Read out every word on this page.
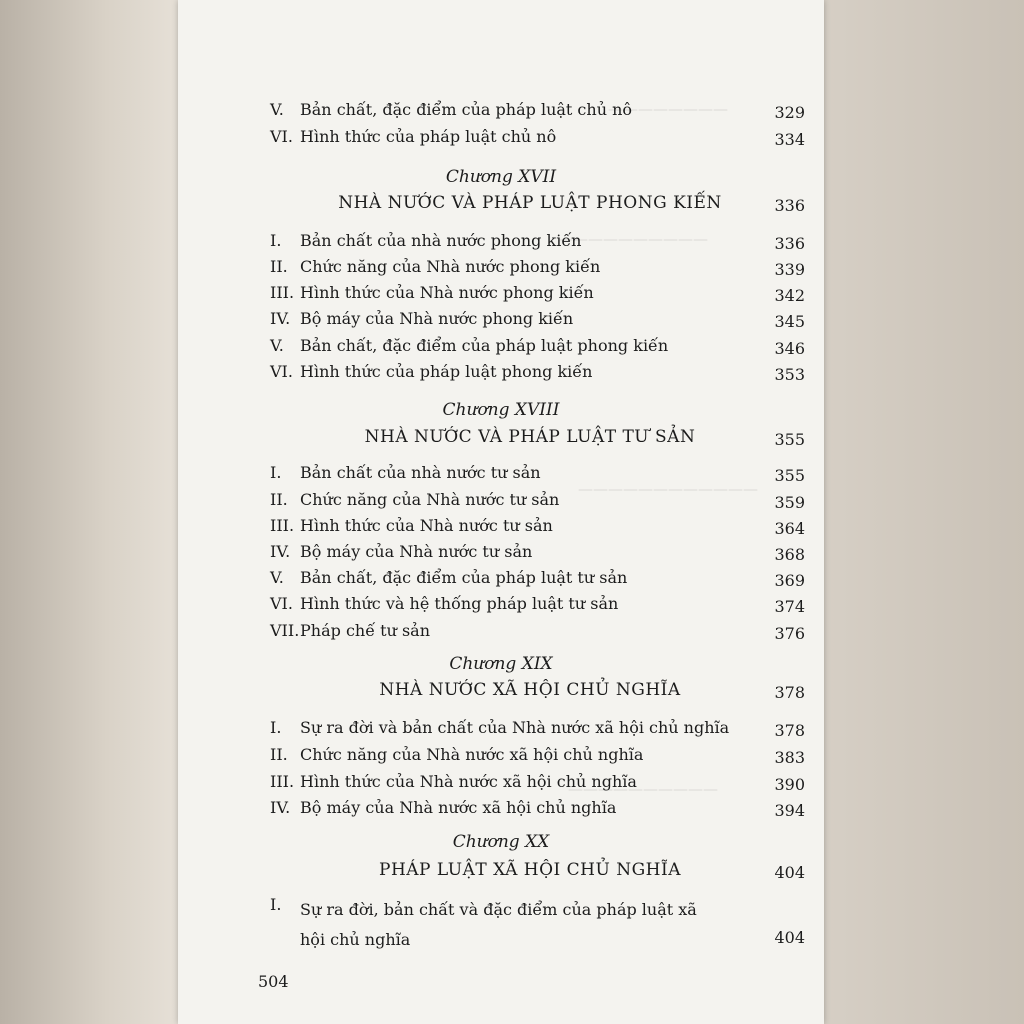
————————
——————————
————————————
——————————
V. Bản chất, đặc điểm của pháp luật chủ nô	329
VI. Hình thức của pháp luật chủ nô	334
Chương XVII
NHÀ NƯỚC VÀ PHÁP LUẬT PHONG KIẾN	336
I. Bản chất của nhà nước phong kiến	336
II. Chức năng của Nhà nước phong kiến	339
III. Hình thức của Nhà nước phong kiến	342
IV. Bộ máy của Nhà nước phong kiến	345
V. Bản chất, đặc điểm của pháp luật phong kiến	346
VI. Hình thức của pháp luật phong kiến	353
Chương XVIII
NHÀ NƯỚC VÀ PHÁP LUẬT TƯ SẢN	355
I. Bản chất của nhà nước tư sản	355
II. Chức năng của Nhà nước tư sản	359
III. Hình thức của Nhà nước tư sản	364
IV. Bộ máy của Nhà nước tư sản	368
V. Bản chất, đặc điểm của pháp luật tư sản	369
VI. Hình thức và hệ thống pháp luật tư sản	374
VII. Pháp chế tư sản	376
Chương XIX
NHÀ NƯỚC XÃ HỘI CHỦ NGHĨA	378
I. Sự ra đời và bản chất của Nhà nước xã hội chủ nghĩa	378
II. Chức năng của Nhà nước xã hội chủ nghĩa	383
III. Hình thức của Nhà nước xã hội chủ nghĩa	390
IV. Bộ máy của Nhà nước xã hội chủ nghĩa	394
Chương XX
PHÁP LUẬT XÃ HỘI CHỦ NGHĨA	404
I. Sự ra đời, bản chất và đặc điểm của pháp luật xã hội chủ nghĩa	404
504
